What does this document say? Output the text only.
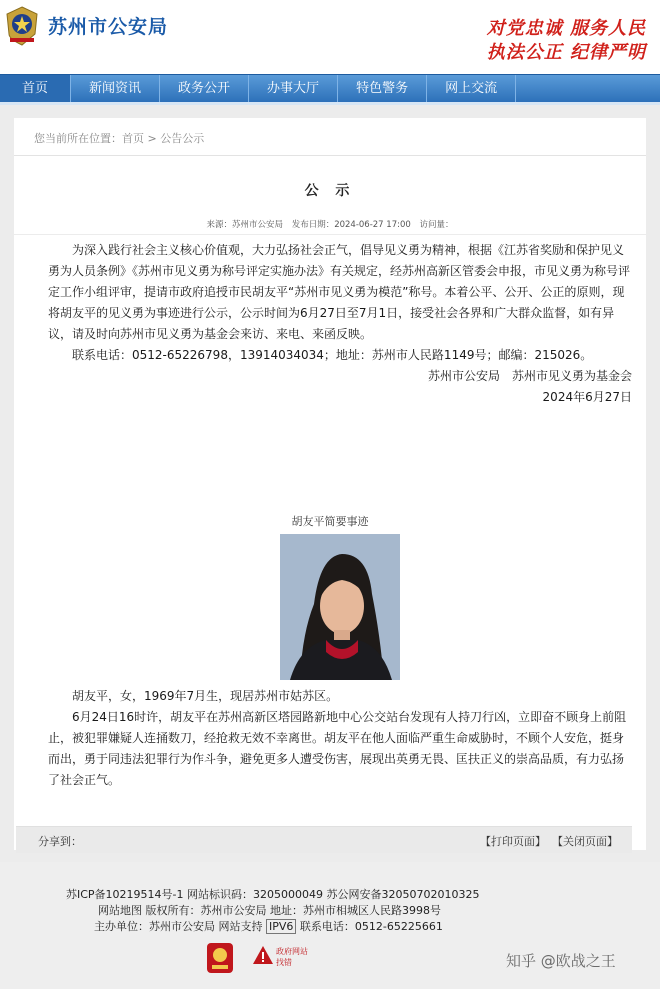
苏州市公安局	对党忠诚 服务人民
执法公正 纪律严明
首页	新闻资讯	政务公开	办事大厅	特色警务	网上交流
您当前所在位置：首页 > 公告公示
公 示
来源：苏州市公安局 发布日期：2024-06-27 17:00 访问量：

为深入践行社会主义核心价值观，大力弘扬社会正气，倡导见义勇为精神，根据《江苏省奖励和保护见义勇为人员条例》《苏州市见义勇为称号评定实施办法》有关规定，经苏州高新区管委会申报，市见义勇为称号评定工作小组评审，提请市政府追授市民胡友平“苏州市见义勇为模范”称号。本着公平、公开、公正的原则，现将胡友平的见义勇为事迹进行公示，公示时间为6月27日至7月1日，接受社会各界和广大群众监督，如有异议，请及时向苏州市见义勇为基金会来访、来电、来函反映。

联系电话：0512-65226798，13914034034；地址：苏州市人民路1149号；邮编：215026。

苏州市公安局　苏州市见义勇为基金会

2024年6月27日

胡友平简要事迹

胡友平，女，1969年7月生，现居苏州市姑苏区。

6月24日16时许，胡友平在苏州高新区塔园路新地中心公交站台发现有人持刀行凶，立即奋不顾身上前阻止，被犯罪嫌疑人连捅数刀，经抢救无效不幸离世。胡友平在他人面临严重生命威胁时，不顾个人安危，挺身而出，勇于同违法犯罪行为作斗争，避免更多人遭受伤害，展现出英勇无畏、匡扶正义的崇高品质，有力弘扬了社会正气。

分享到：	【打印页面】 【关闭页面】
苏ICP备10219514号-1 网站标识码：3205000049 苏公网安备32050702010325
网站地图 版权所有：苏州市公安局 地址：苏州市相城区人民路3998号
主办单位：苏州市公安局 网站支持 IPV6 联系电话：0512-65225661
政府网站
找错	知乎 @欧战之王
